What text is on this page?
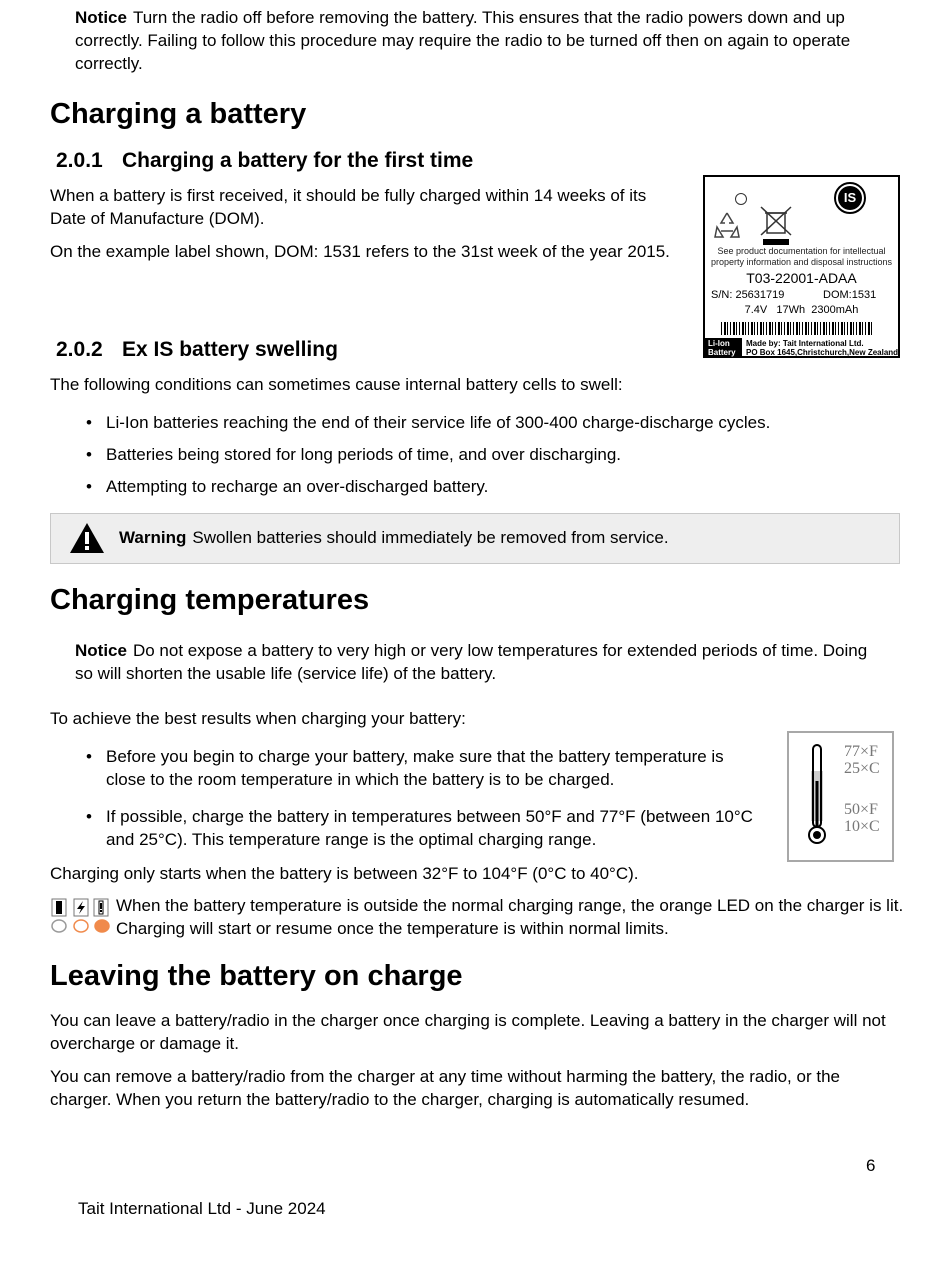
Notice Turn the radio off before removing the battery. This ensures that the radio powers down and up correctly. Failing to follow this procedure may require the radio to be turned off then on again to operate correctly.
Charging a battery
2.0.1 Charging a battery for the first time
When a battery is first received, it should be fully charged within 14 weeks of its Date of Manufacture (DOM).
On the example label shown, DOM: 1531 refers to the 31st week of the year 2015.
IS
See product documentation for intellectual
property information and disposal instructions
T03-22001-ADAA
S/N: 25631719	DOM:1531
7.4V   17Wh  2300mAh
Li-Ion
Battery
Made by: Tait International Ltd.
PO Box 1645,Christchurch,New Zealand
2.0.2 Ex IS battery swelling
The following conditions can sometimes cause internal battery cells to swell:
• Li-Ion batteries reaching the end of their service life of 300-400 charge-discharge cycles.
• Batteries being stored for long periods of time, and over discharging.
• Attempting to recharge an over-discharged battery.
Warning Swollen batteries should immediately be removed from service.
Charging temperatures
Notice Do not expose a battery to very high or very low temperatures for extended periods of time. Doing so will shorten the usable life (service life) of the battery.
To achieve the best results when charging your battery:
• Before you begin to charge your battery, make sure that the battery temperature is close to the room temperature in which the battery is to be charged.
• If possible, charge the battery in temperatures between 50°F and 77°F (between 10°C and 25°C). This temperature range is the optimal charging range.
77×F
25×C
50×F
10×C
Charging only starts when the battery is between 32°F to 104°F (0°C to 40°C).
When the battery temperature is outside the normal charging range, the orange LED on the charger is lit. Charging will start or resume once the temperature is within normal limits.
Leaving the battery on charge
You can leave a battery/radio in the charger once charging is complete. Leaving a battery in the charger will not overcharge or damage it.
You can remove a battery/radio from the charger at any time without harming the battery, the radio, or the charger. When you return the battery/radio to the charger, charging is automatically resumed.
6
Tait International Ltd - June 2024
